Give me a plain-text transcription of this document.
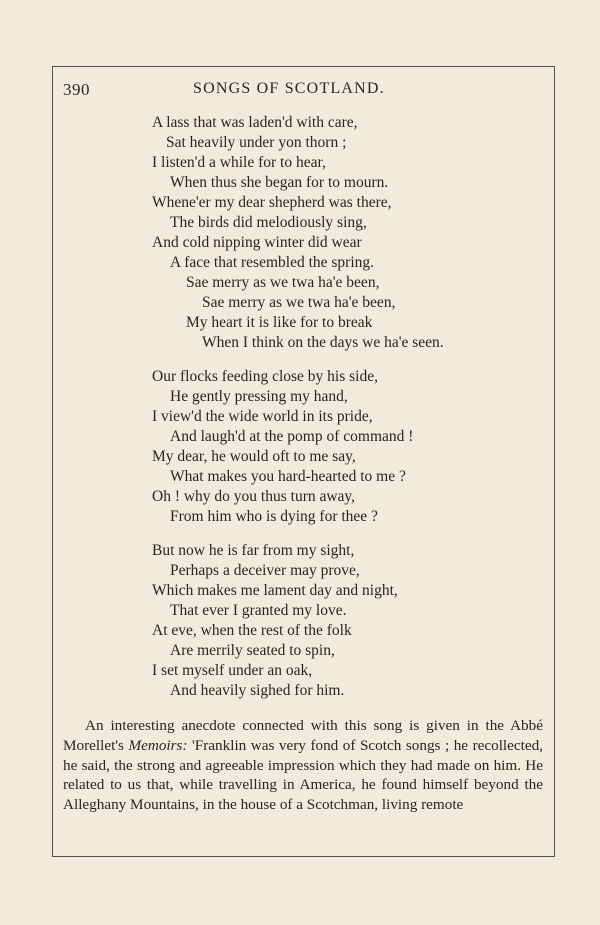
390	SONGS OF SCOTLAND.
A lass that was laden'd with care,
Sat heavily under yon thorn ;
I listen'd a while for to hear,
When thus she began for to mourn.
Whene'er my dear shepherd was there,
The birds did melodiously sing,
And cold nipping winter did wear
A face that resembled the spring.
Sae merry as we twa ha'e been,
Sae merry as we twa ha'e been,
My heart it is like for to break
When I think on the days we ha'e seen.
Our flocks feeding close by his side,
He gently pressing my hand,
I view'd the wide world in its pride,
And laugh'd at the pomp of command !
My dear, he would oft to me say,
What makes you hard-hearted to me ?
Oh ! why do you thus turn away,
From him who is dying for thee ?
But now he is far from my sight,
Perhaps a deceiver may prove,
Which makes me lament day and night,
That ever I granted my love.
At eve, when the rest of the folk
Are merrily seated to spin,
I set myself under an oak,
And heavily sighed for him.

An interesting anecdote connected with this song is given in the Abbé Morellet's Memoirs: 'Franklin was very fond of Scotch songs ; he recollected, he said, the strong and agreeable impression which they had made on him. He related to us that, while travelling in America, he found himself beyond the Alleghany Mountains, in the house of a Scotchman, living remote
